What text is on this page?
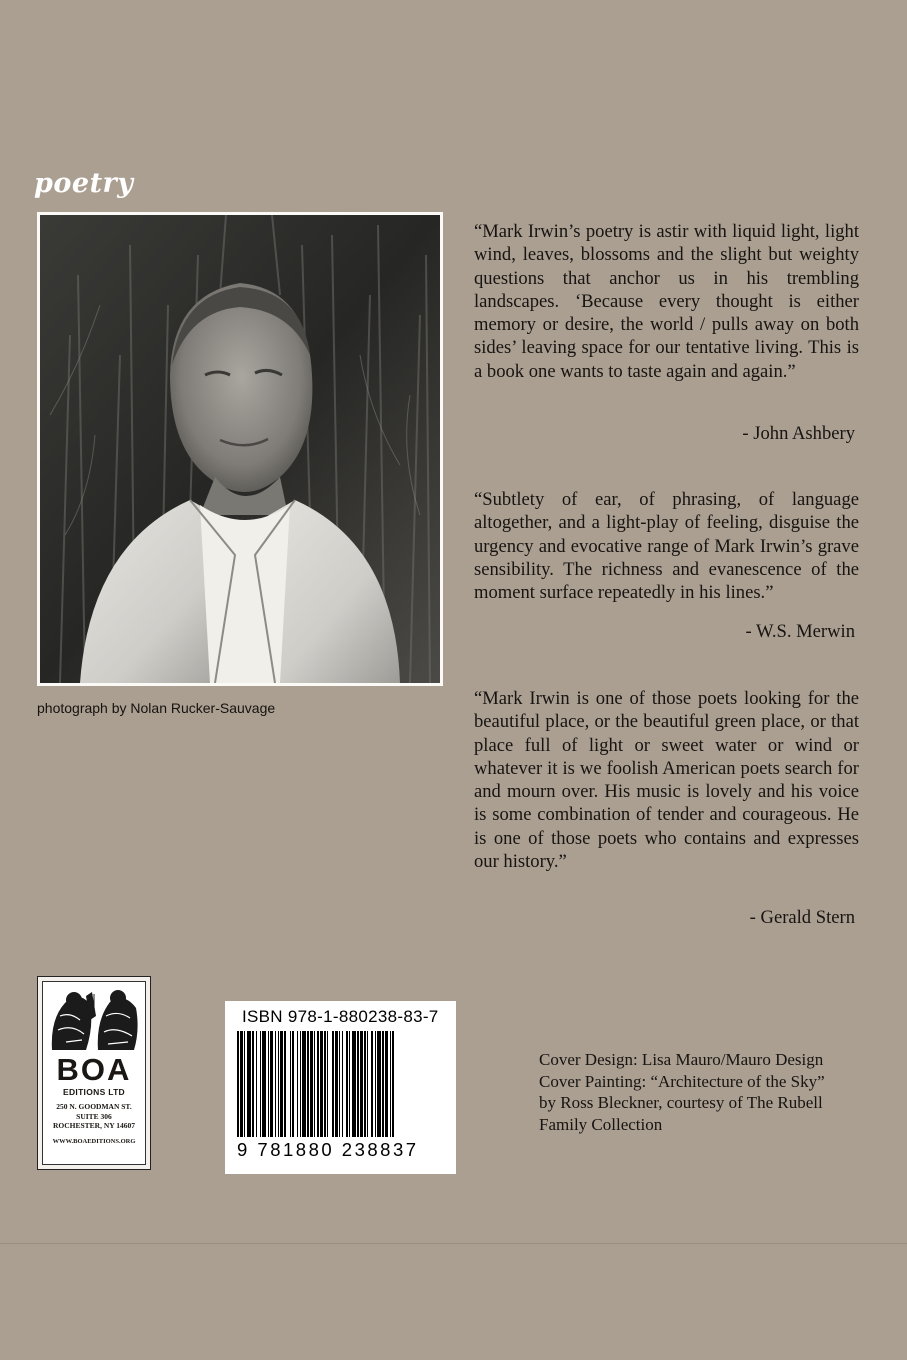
poetry
photograph by Nolan Rucker-Sauvage
“Mark Irwin’s poetry is astir with liquid light, light wind, leaves, blossoms and the slight but weighty questions that anchor us in his trembling landscapes. ‘Because every thought is either memory or desire, the world / pulls away on both sides’ leaving space for our tentative living. This is a book one wants to taste again and again.”
- John Ashbery
“Subtlety of ear, of phrasing, of language altogether, and a light-play of feeling, disguise the urgency and evocative range of Mark Irwin’s grave sensibility. The richness and evanescence of the moment surface repeatedly in his lines.”
- W.S. Merwin
“Mark Irwin is one of those poets looking for the beautiful place, or the beautiful green place, or that place full of light or sweet water or wind or whatever it is we foolish American poets search for and mourn over. His music is lovely and his voice is some combination of tender and courageous. He is one of those poets who contains and expresses our history.”
- Gerald Stern
BOA
EDITIONS LTD
250 N. GOODMAN ST.
SUITE 306
ROCHESTER, NY 14607
WWW.BOAEDITIONS.ORG
ISBN 978-1-880238-83-7
9 781880 238837
Cover Design: Lisa Mauro/Mauro Design
Cover Painting: “Architecture of the Sky”
by Ross Bleckner, courtesy of The Rubell
Family Collection
